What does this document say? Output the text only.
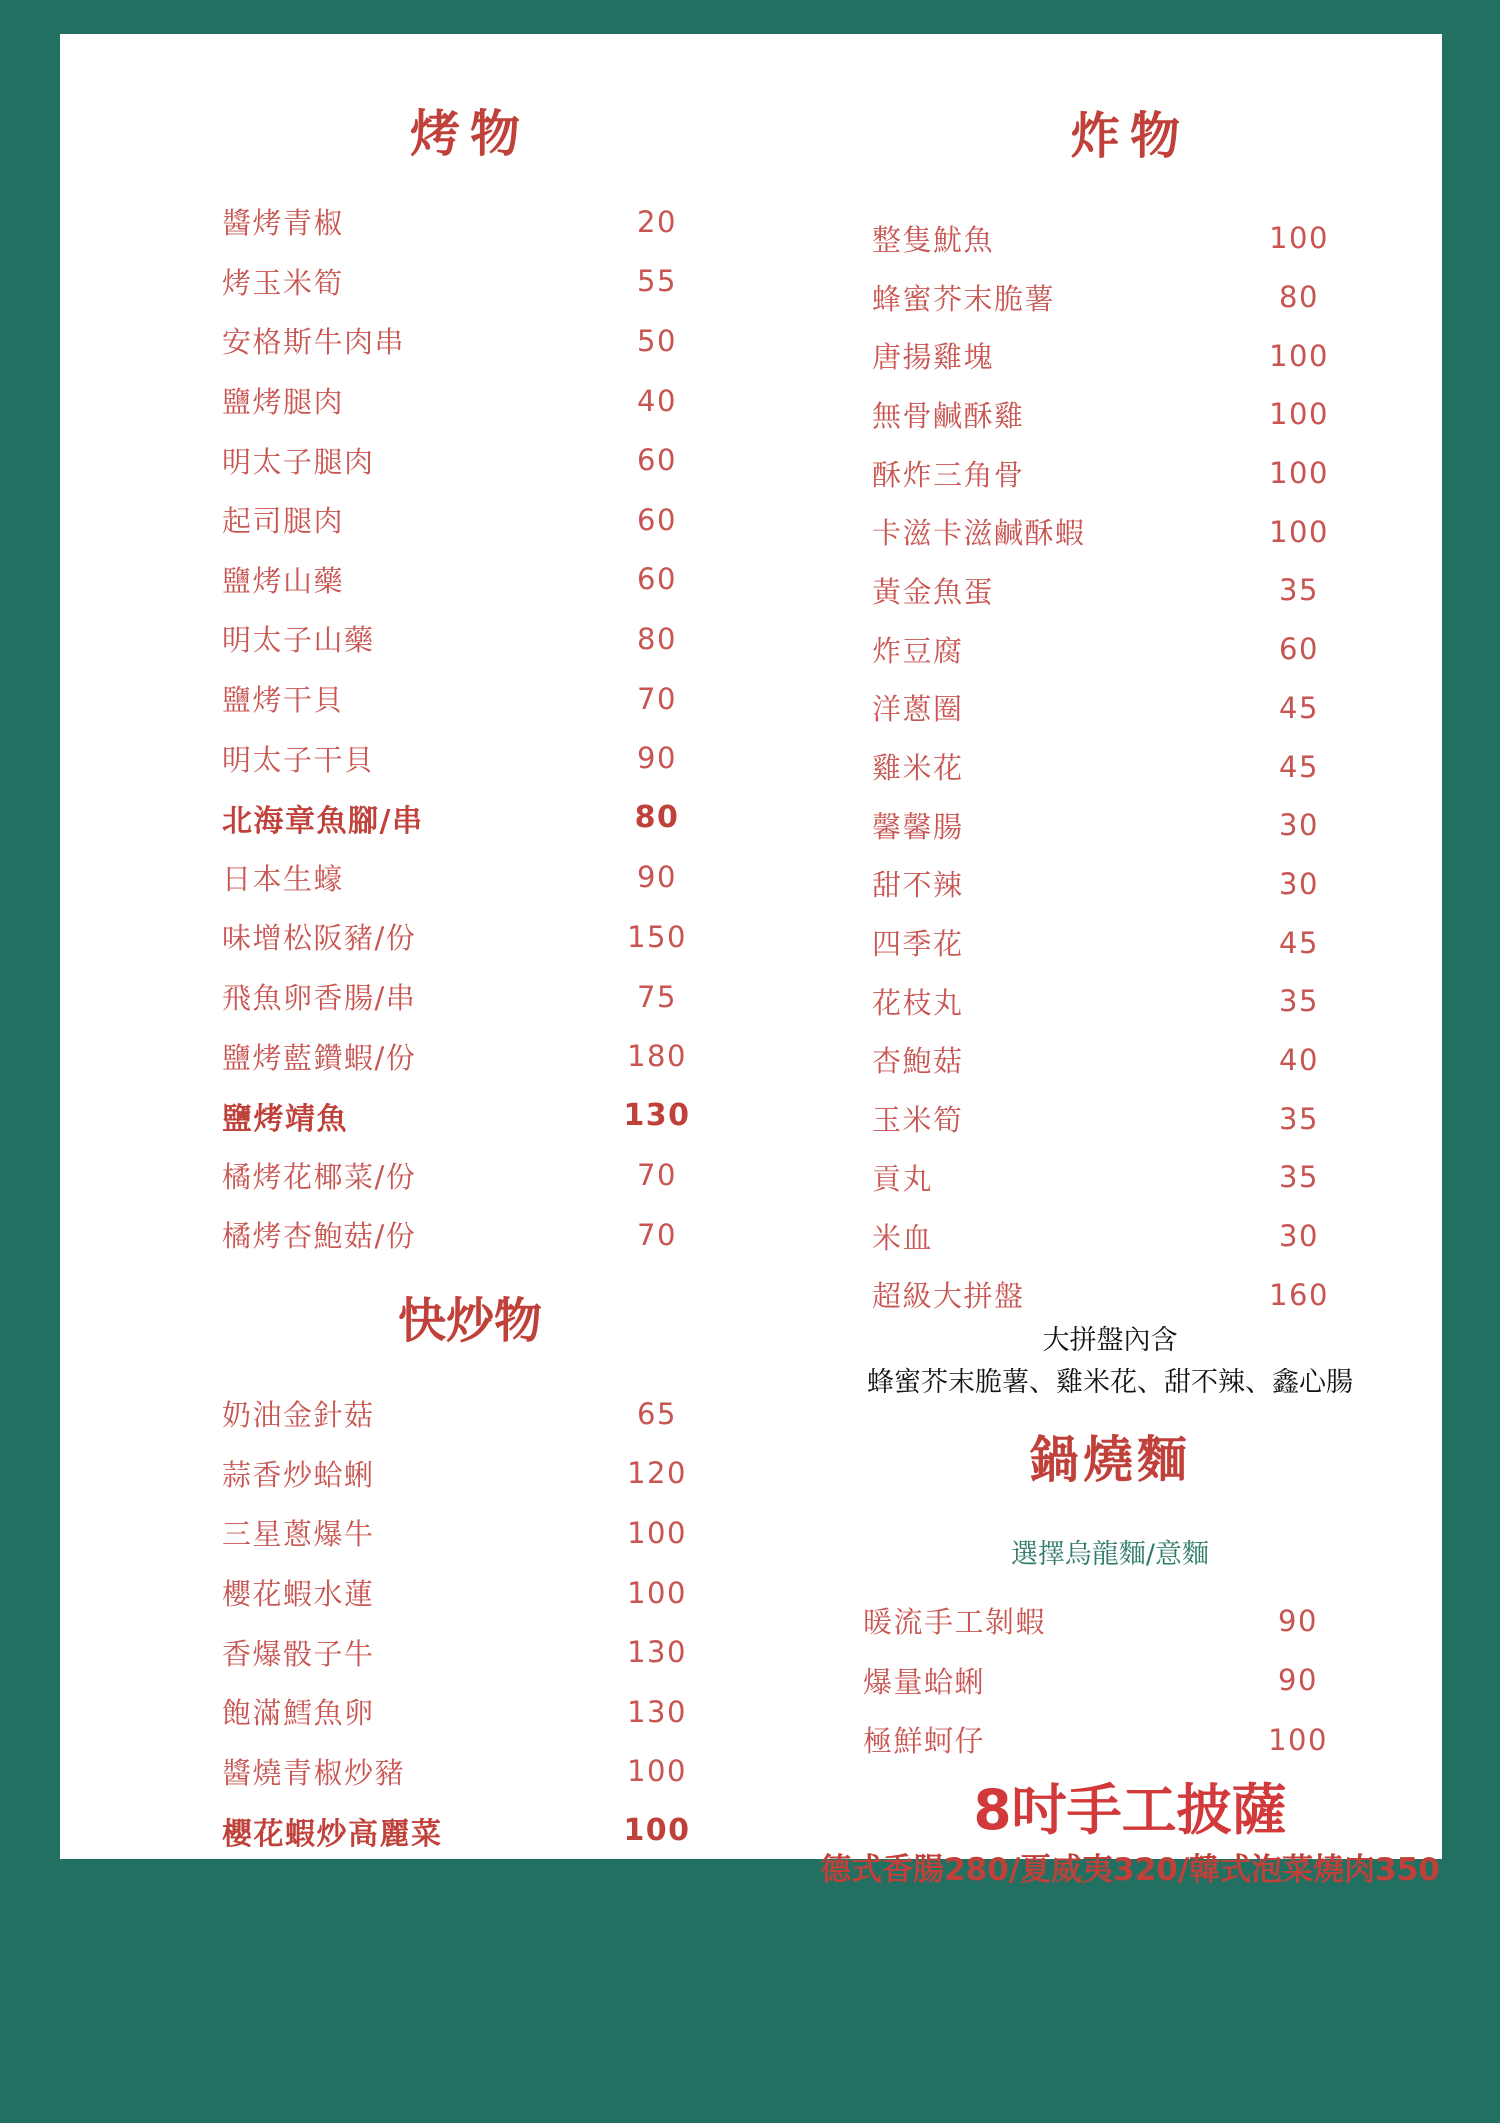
烤物
醬烤青椒	20
烤玉米筍	55
安格斯牛肉串	50
鹽烤腿肉	40
明太子腿肉	60
起司腿肉	60
鹽烤山藥	60
明太子山藥	80
鹽烤干貝	70
明太子干貝	90
北海章魚腳/串	80
日本生蠔	90
味增松阪豬/份	150
飛魚卵香腸/串	75
鹽烤藍鑽蝦/份	180
鹽烤靖魚	130
橘烤花椰菜/份	70
橘烤杏鮑菇/份	70
炸物
整隻魷魚	100
蜂蜜芥末脆薯	80
唐揚雞塊	100
無骨鹹酥雞	100
酥炸三角骨	100
卡滋卡滋鹹酥蝦	100
黃金魚蛋	35
炸豆腐	60
洋蔥圈	45
雞米花	45
馨馨腸	30
甜不辣	30
四季花	45
花枝丸	35
杏鮑菇	40
玉米筍	35
貢丸	35
米血	30
超級大拼盤	160
大拼盤內含
蜂蜜芥末脆薯、雞米花、甜不辣、鑫心腸
快炒物
奶油金針菇	65
蒜香炒蛤蜊	120
三星蔥爆牛	100
櫻花蝦水蓮	100
香爆骰子牛	130
飽滿鱈魚卵	130
醬燒青椒炒豬	100
櫻花蝦炒高麗菜	100
鍋燒麵
選擇烏龍麵/意麵
暖流手工剝蝦	90
爆量蛤蜊	90
極鮮蚵仔	100
8吋手工披薩
德式香腸280/夏威夷320/韓式泡菜燒肉350
